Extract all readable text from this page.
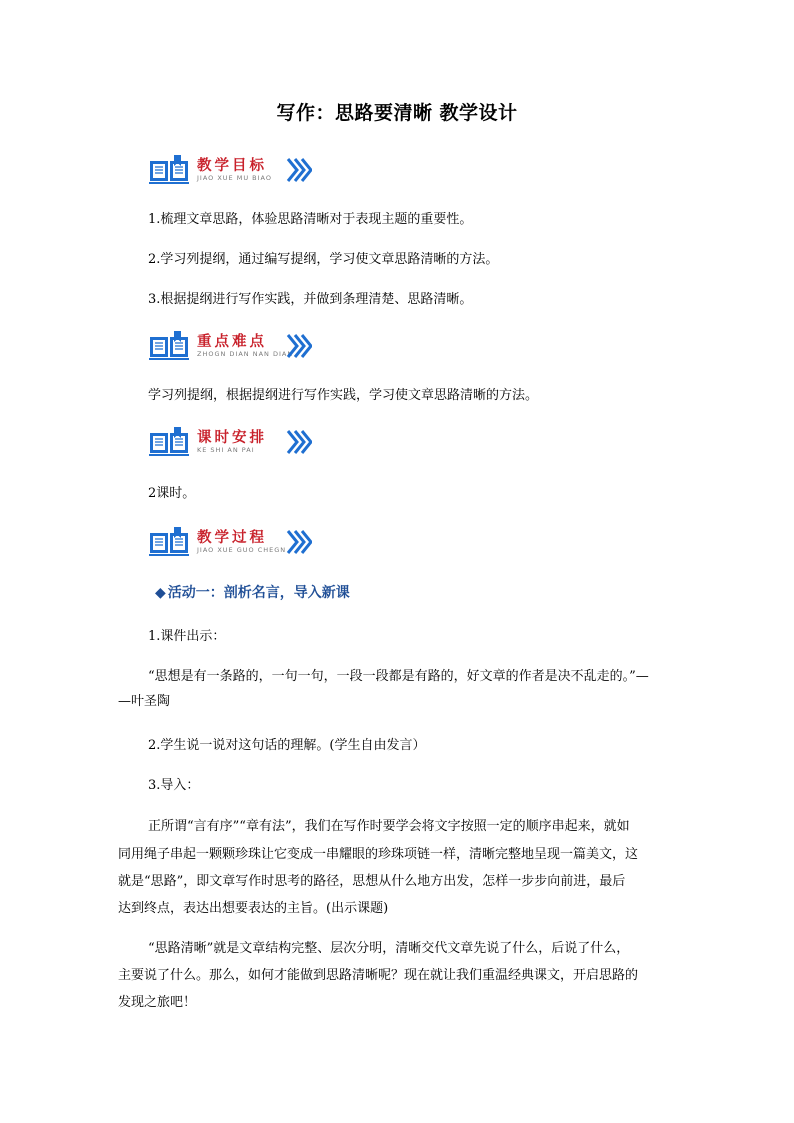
写作：思路要清晰 教学设计
教学目标
JIAO XUE MU BIAO
1.梳理文章思路，体验思路清晰对于表现主题的重要性。
2.学习列提纲，通过编写提纲，学习使文章思路清晰的方法。
3.根据提纲进行写作实践，并做到条理清楚、思路清晰。
重点难点
ZHOGN DIAN NAN DIAN
学习列提纲，根据提纲进行写作实践，学习使文章思路清晰的方法。
课时安排
KE SHI AN PAI
2课时。
教学过程
JIAO XUE GUO CHEGN
◆ 活动一：剖析名言，导入新课
1.课件出示：
“思想是有一条路的，一句一句，一段一段都是有路的，好文章的作者是决不乱走的。”—
—叶圣陶
2.学生说一说对这句话的理解。(学生自由发言）
3.导入：
正所谓“言有序”“章有法”，我们在写作时要学会将文字按照一定的顺序串起来，就如
同用绳子串起一颗颗珍珠让它变成一串耀眼的珍珠项链一样，清晰完整地呈现一篇美文，这
就是“思路”，即文章写作时思考的路径，思想从什么地方出发，怎样一步步向前进，最后
达到终点，表达出想要表达的主旨。(出示课题)
“思路清晰”就是文章结构完整、层次分明，清晰交代文章先说了什么，后说了什么，
主要说了什么。那么，如何才能做到思路清晰呢？现在就让我们重温经典课文，开启思路的
发现之旅吧！
